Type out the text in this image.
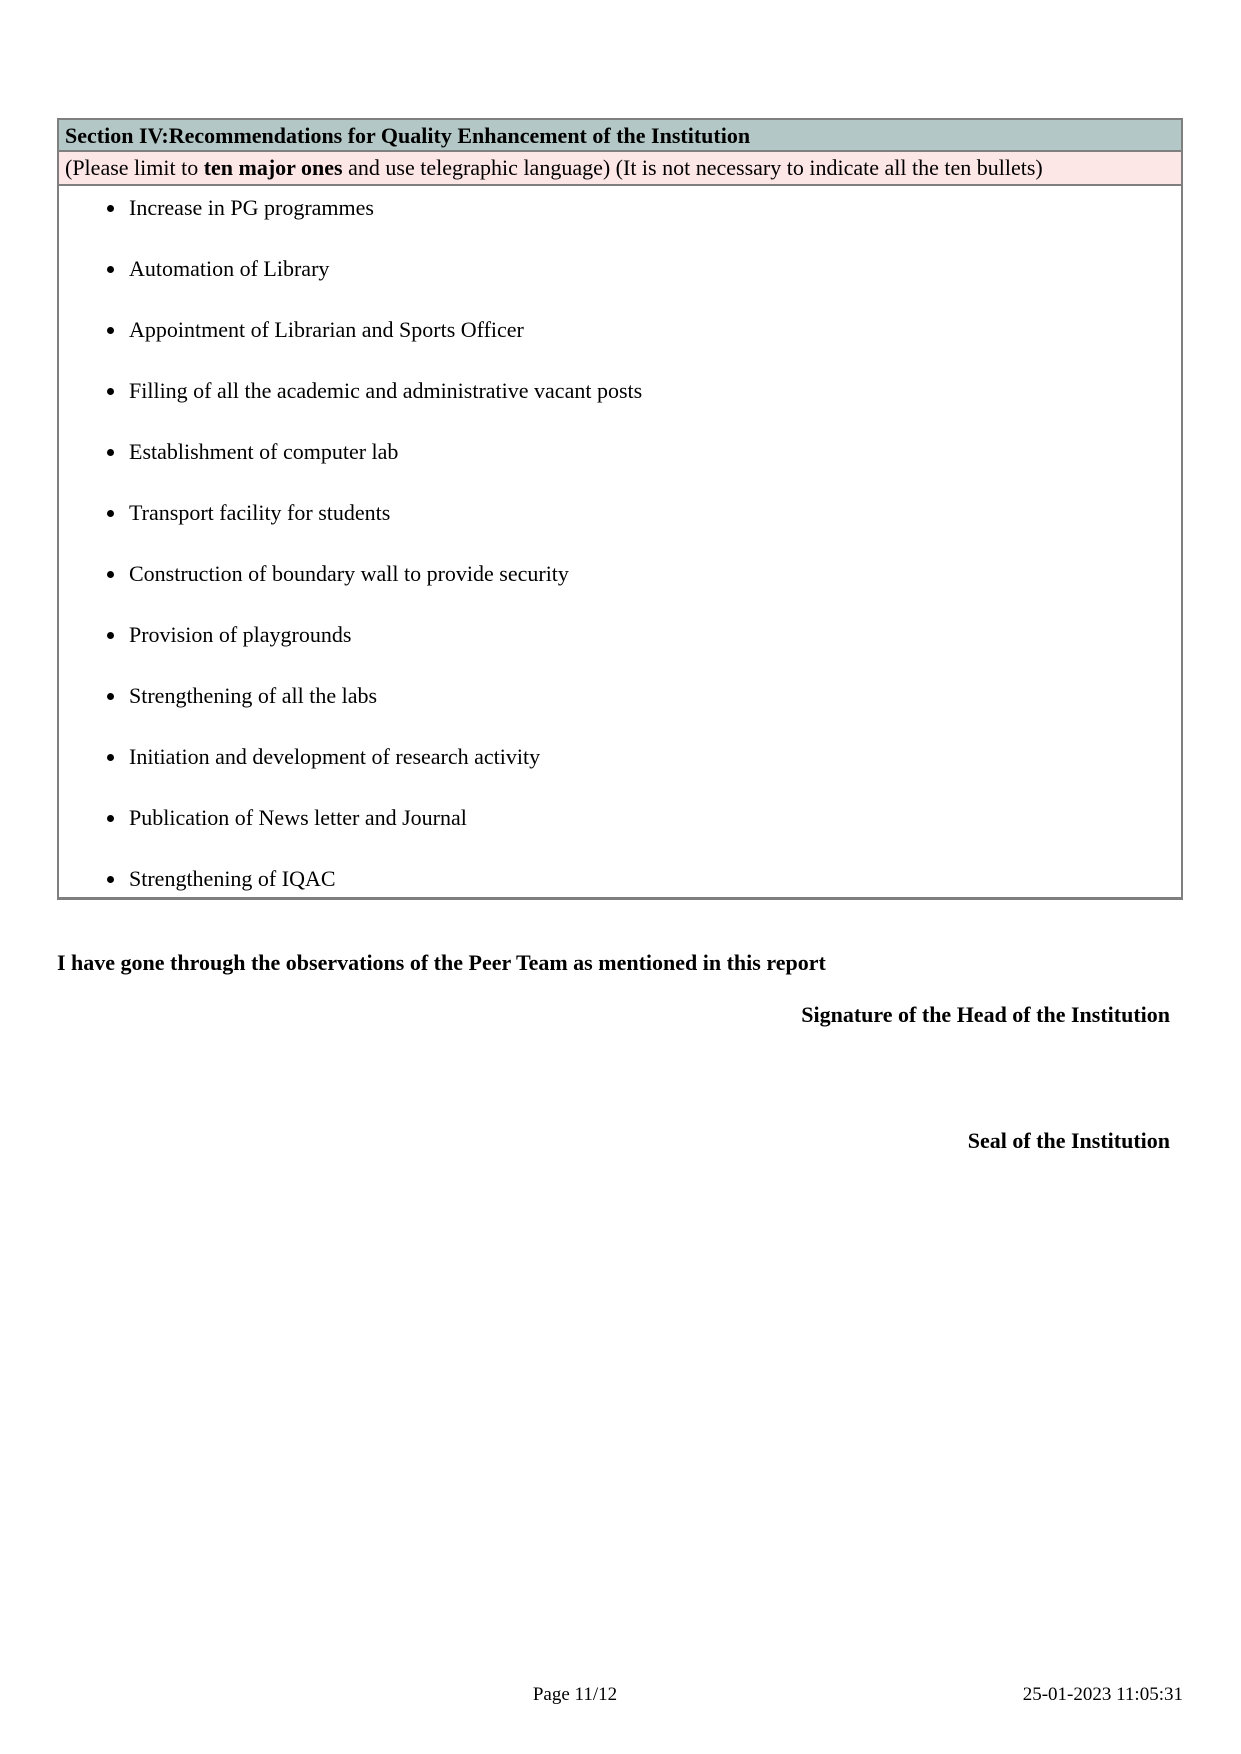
Section IV:Recommendations for Quality Enhancement of the Institution
(Please limit to ten major ones and use telegraphic language) (It is not necessary to indicate all the ten bullets)
• Increase in PG programmes
• Automation of Library
• Appointment of Librarian and Sports Officer
• Filling of all the academic and administrative vacant posts
• Establishment of computer lab
• Transport facility for students
• Construction of boundary wall to provide security
• Provision of playgrounds
• Strengthening of all the labs
• Initiation and development of research activity
• Publication of News letter and Journal
• Strengthening of IQAC
I have gone through the observations of the Peer Team as mentioned in this report
Signature of the Head of the Institution
Seal of the Institution
Page 11/12	25-01-2023 11:05:31
